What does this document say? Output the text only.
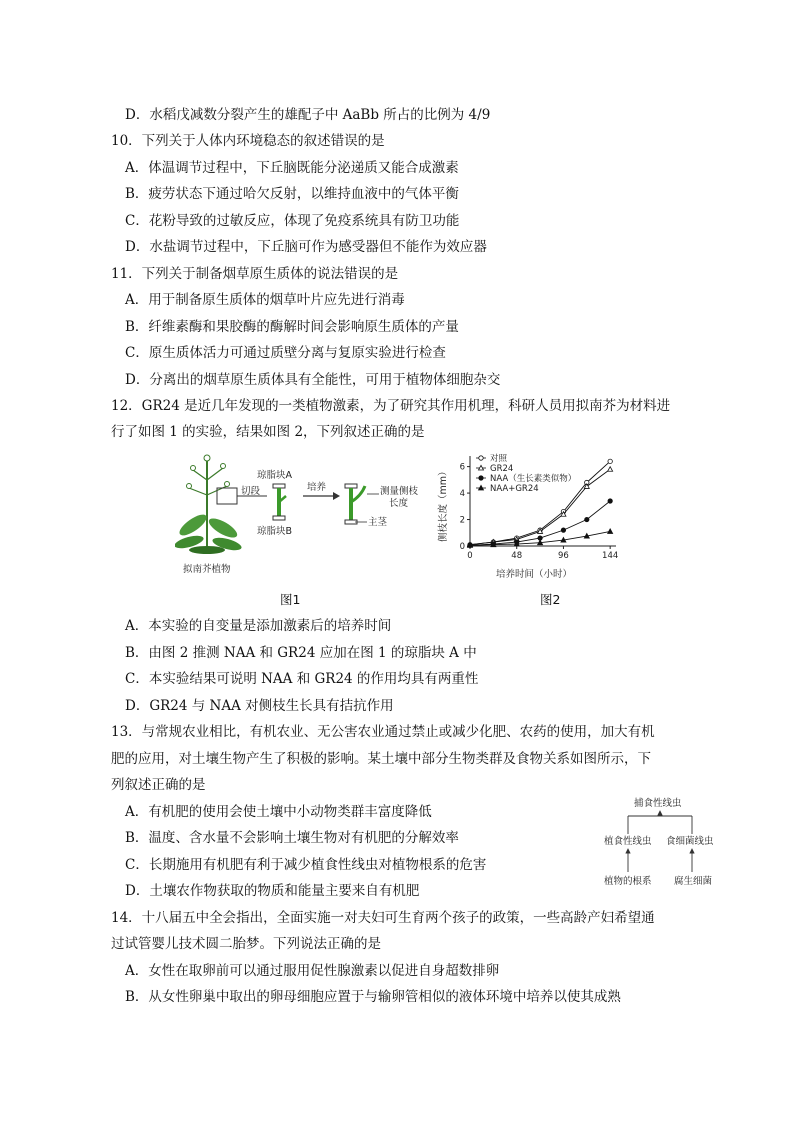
D．水稻戊减数分裂产生的雄配子中 AaBb 所占的比例为 4/9
10．下列关于人体内环境稳态的叙述错误的是
A．体温调节过程中，下丘脑既能分泌递质又能合成激素
B．疲劳状态下通过哈欠反射，以维持血液中的气体平衡
C．花粉导致的过敏反应，体现了免疫系统具有防卫功能
D．水盐调节过程中，下丘脑可作为感受器但不能作为效应器
11．下列关于制备烟草原生质体的说法错误的是
A．用于制备原生质体的烟草叶片应先进行消毒
B．纤维素酶和果胶酶的酶解时间会影响原生质体的产量
C．原生质体活力可通过质壁分离与复原实验进行检查
D．分离出的烟草原生质体具有全能性，可用于植物体细胞杂交
12．GR24 是近几年发现的一类植物激素，为了研究其作用机理，科研人员用拟南芥为材料进
行了如图 1 的实验，结果如图 2，下列叙述正确的是
切段
琼脂块A
琼脂块B
培养	测量侧枝
长度
主茎
拟南芥植物
0	48	96	144
0
2
4
6
对照
GR24
NAA（生长素类似物）
NAA+GR24
培养时间（小时）
侧枝长度（mm）
图1	图2
A．本实验的自变量是添加激素后的培养时间
B．由图 2 推测 NAA 和 GR24 应加在图 1 的琼脂块 A 中
C．本实验结果可说明 NAA 和 GR24 的作用均具有两重性
D．GR24 与 NAA 对侧枝生长具有拮抗作用
13．与常规农业相比，有机农业、无公害农业通过禁止或减少化肥、农药的使用，加大有机
肥的应用，对土壤生物产生了积极的影响。某土壤中部分生物类群及食物关系如图所示，下
列叙述正确的是
A．有机肥的使用会使土壤中小动物类群丰富度降低
B．温度、含水量不会影响土壤生物对有机肥的分解效率
C．长期施用有机肥有利于减少植食性线虫对植物根系的危害
D．土壤农作物获取的物质和能量主要来自有机肥
捕食性线虫
植食性线虫 食细菌线虫
植物的根系 腐生细菌
14．十八届五中全会指出，全面实施一对夫妇可生育两个孩子的政策，一些高龄产妇希望通
过试管婴儿技术圆二胎梦。下列说法正确的是
A．女性在取卵前可以通过服用促性腺激素以促进自身超数排卵
B．从女性卵巢中取出的卵母细胞应置于与输卵管相似的液体环境中培养以使其成熟
